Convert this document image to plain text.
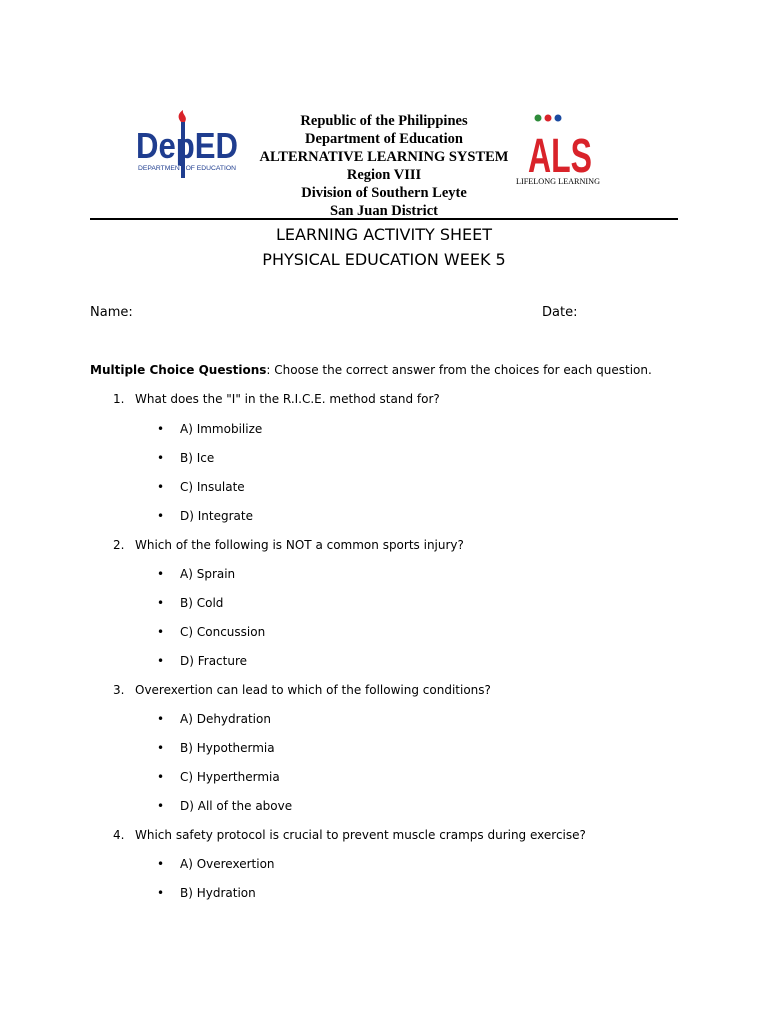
DepED
DEPARTMENT OF EDUCATION	ALS
LIFELONG LEARNING
Republic of the Philippines
Department of Education
ALTERNATIVE LEARNING SYSTEM
Region VIII
Division of Southern Leyte
San Juan District
LEARNING ACTIVITY SHEET
PHYSICAL EDUCATION WEEK 5
Name:	Date:
Multiple Choice Questions: Choose the correct answer from the choices for each question.
1. What does the "I" in the R.I.C.E. method stand for?
• A) Immobilize
• B) Ice
• C) Insulate
• D) Integrate
2. Which of the following is NOT a common sports injury?
• A) Sprain
• B) Cold
• C) Concussion
• D) Fracture
3. Overexertion can lead to which of the following conditions?
• A) Dehydration
• B) Hypothermia
• C) Hyperthermia
• D) All of the above
4. Which safety protocol is crucial to prevent muscle cramps during exercise?
• A) Overexertion
• B) Hydration
